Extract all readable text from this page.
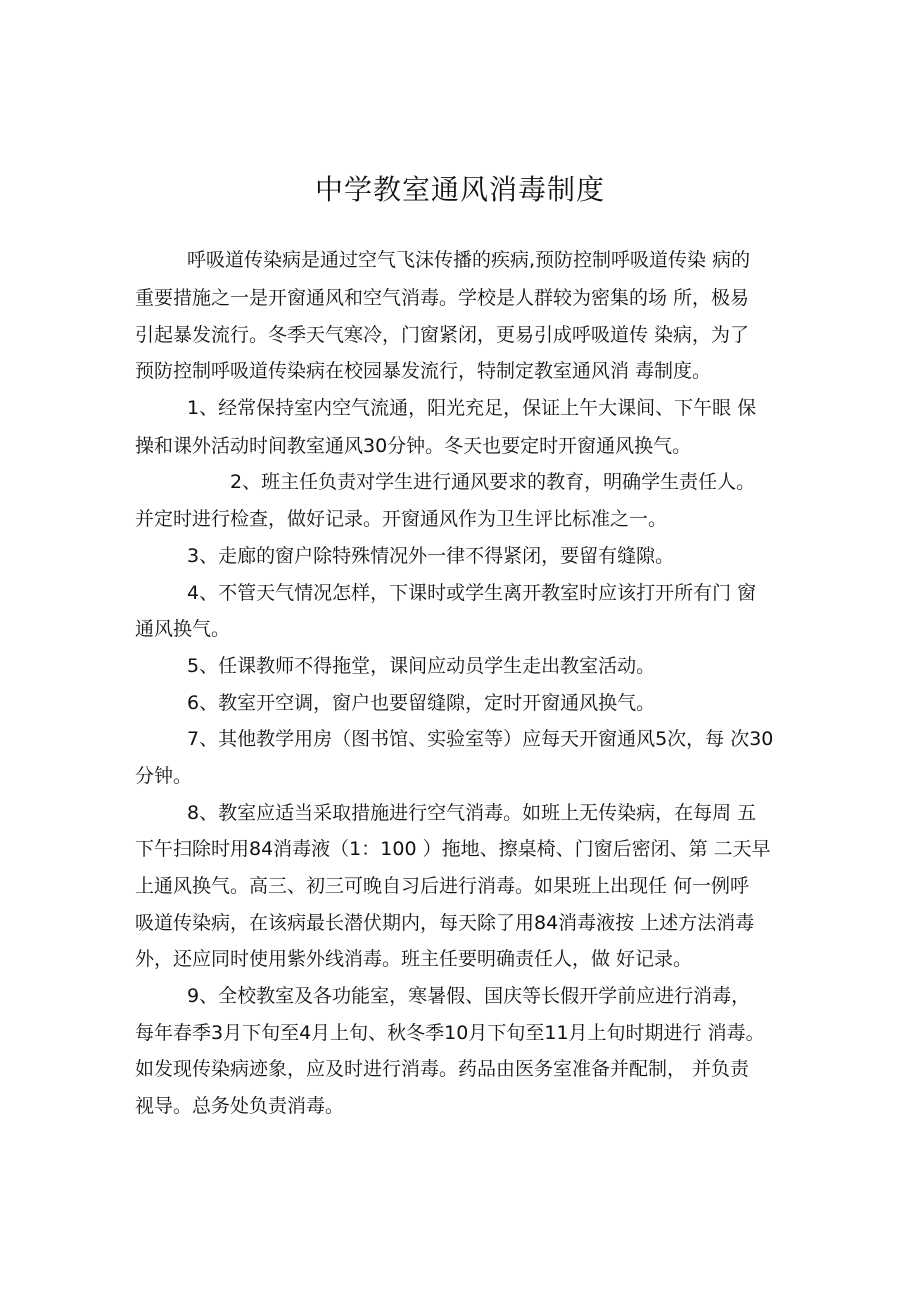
中学教室通风消毒制度
呼吸道传染病是通过空气飞沫传播的疾病,预防控制呼吸道传染 病的
重要措施之一是开窗通风和空气消毒。学校是人群较为密集的场 所，极易
引起暴发流行。冬季天气寒冷，门窗紧闭，更易引成呼吸道传 染病，为了
预防控制呼吸道传染病在校园暴发流行，特制定教室通风消 毒制度。
1、经常保持室内空气流通，阳光充足，保证上午大课间、下午眼 保
操和课外活动时间教室通风30分钟。冬天也要定时开窗通风换气。
2、班主任负责对学生进行通风要求的教育，明确学生责任人。
并定时进行检查，做好记录。开窗通风作为卫生评比标准之一。
3、走廊的窗户除特殊情况外一律不得紧闭，要留有缝隙。
4、不管天气情况怎样，下课时或学生离开教室时应该打开所有门 窗
通风换气。
5、任课教师不得拖堂，课间应动员学生走出教室活动。
6、教室开空调，窗户也要留缝隙，定时开窗通风换气。
7、其他教学用房（图书馆、实验室等）应每天开窗通风5次，每 次30
分钟。
8、教室应适当采取措施进行空气消毒。如班上无传染病，在每周 五
下午扫除时用84消毒液（1：100 ）拖地、擦桌椅、门窗后密闭、第 二天早
上通风换气。高三、初三可晚自习后进行消毒。如果班上出现任 何一例呼
吸道传染病，在该病最长潜伏期内，每天除了用84消毒液按 上述方法消毒
外，还应同时使用紫外线消毒。班主任要明确责任人，做 好记录。
9、全校教室及各功能室，寒暑假、国庆等长假开学前应进行消毒，
每年春季3月下旬至4月上旬、秋冬季10月下旬至11月上旬时期进行 消毒。
如发现传染病迹象，应及时进行消毒。药品由医务室准备并配制， 并负责
视导。总务处负责消毒。
